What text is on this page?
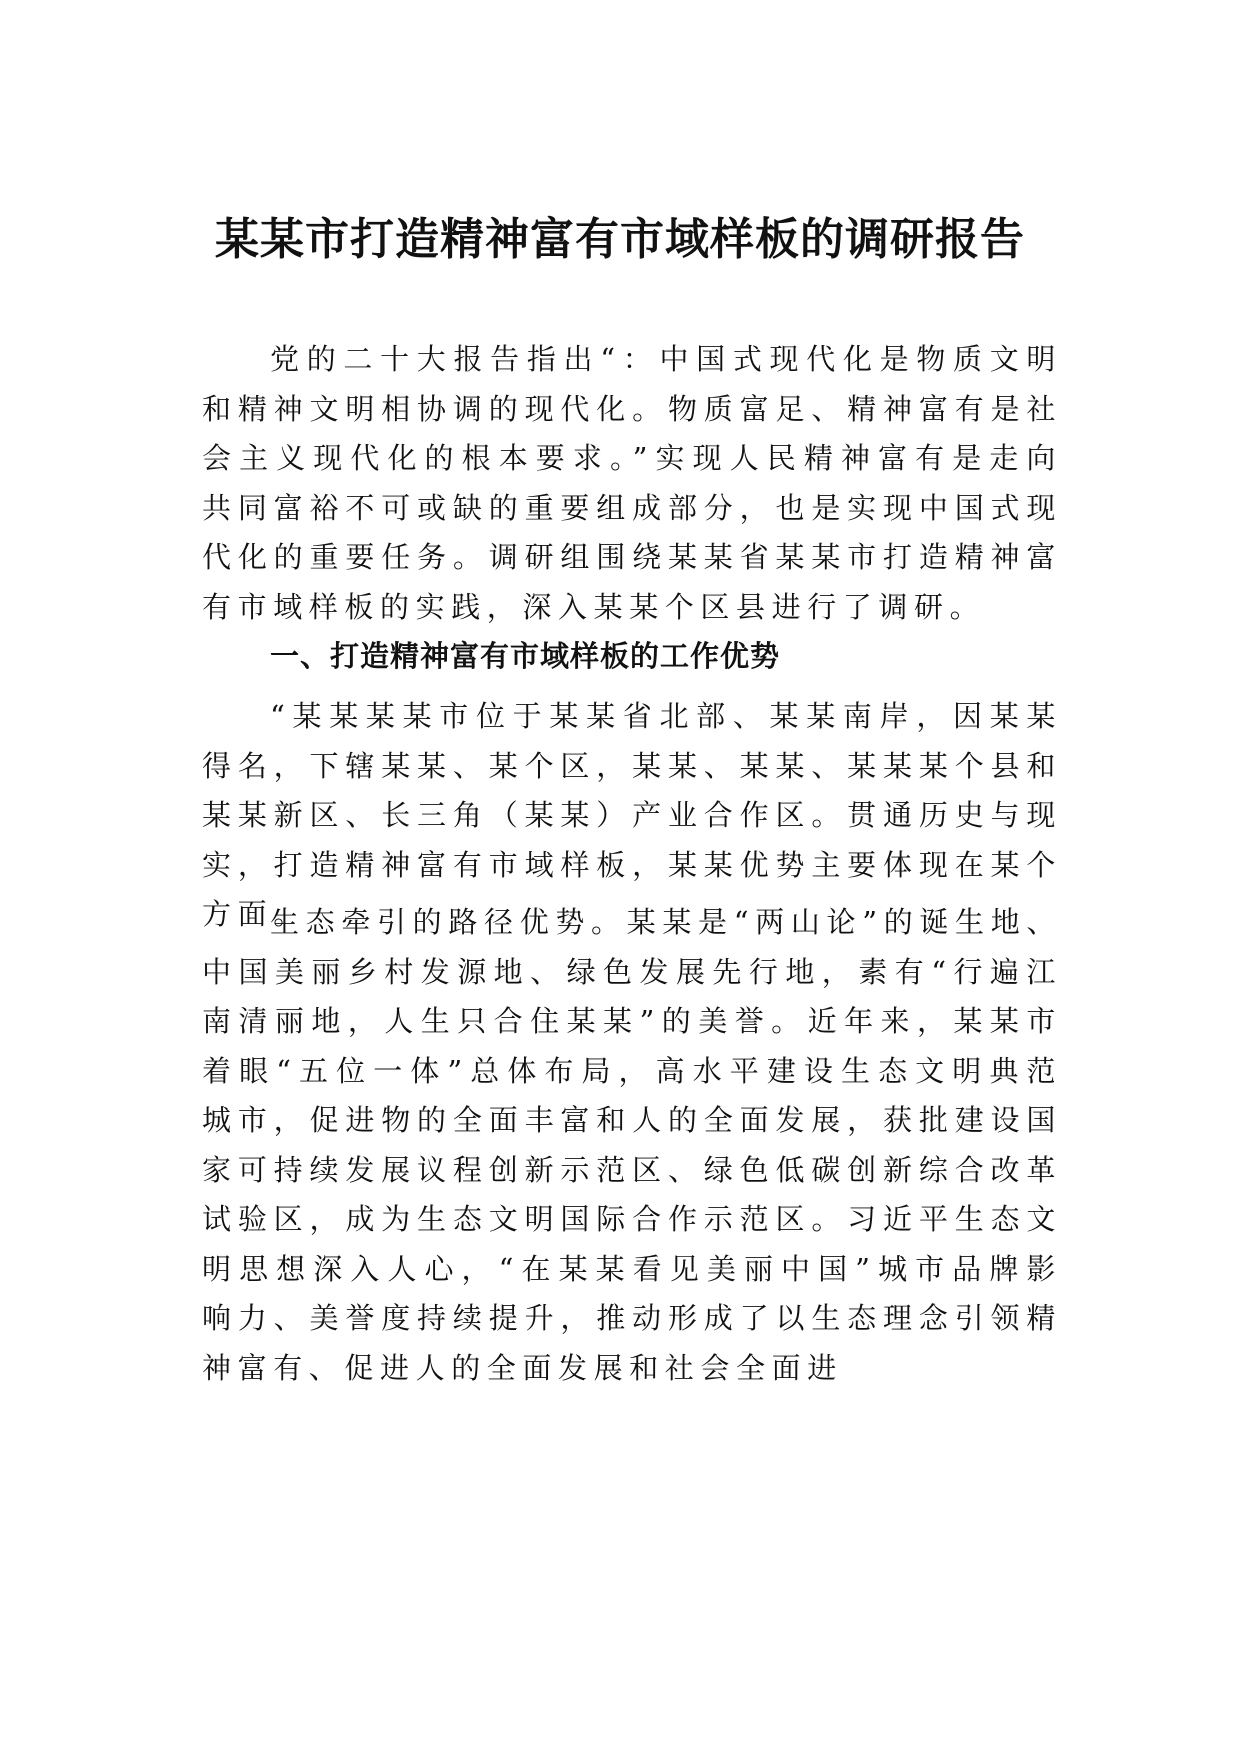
某某市打造精神富有市域样板的调研报告

党的二十大报告指出“：中国式现代化是物质文明和精神文明相协调的现代化。物质富足、精神富有是社会主义现代化的根本要求。”实现人民精神富有是走向共同富裕不可或缺的重要组成部分，也是实现中国式现代化的重要任务。调研组围绕某某省某某市打造精神富有市域样板的实践，深入某某个区县进行了调研。

一、打造精神富有市域样板的工作优势

“某某某某市位于某某省北部、某某南岸，因某某得名，下辖某某、某个区，某某、某某、某某某个县和某某新区、长三角（某某）产业合作区。贯通历史与现实，打造精神富有市域样板，某某优势主要体现在某个方面。

生态牵引的路径优势。某某是“两山论”的诞生地、中国美丽乡村发源地、绿色发展先行地，素有“行遍江南清丽地，人生只合住某某”的美誉。近年来，某某市着眼“五位一体”总体布局，高水平建设生态文明典范城市，促进物的全面丰富和人的全面发展，获批建设国家可持续发展议程创新示范区、绿色低碳创新综合改革试验区，成为生态文明国际合作示范区。习近平生态文明思想深入人心，“在某某看见美丽中国”城市品牌影响力、美誉度持续提升，推动形成了以生态理念引领精神富有、促进人的全面发展和社会全面进
